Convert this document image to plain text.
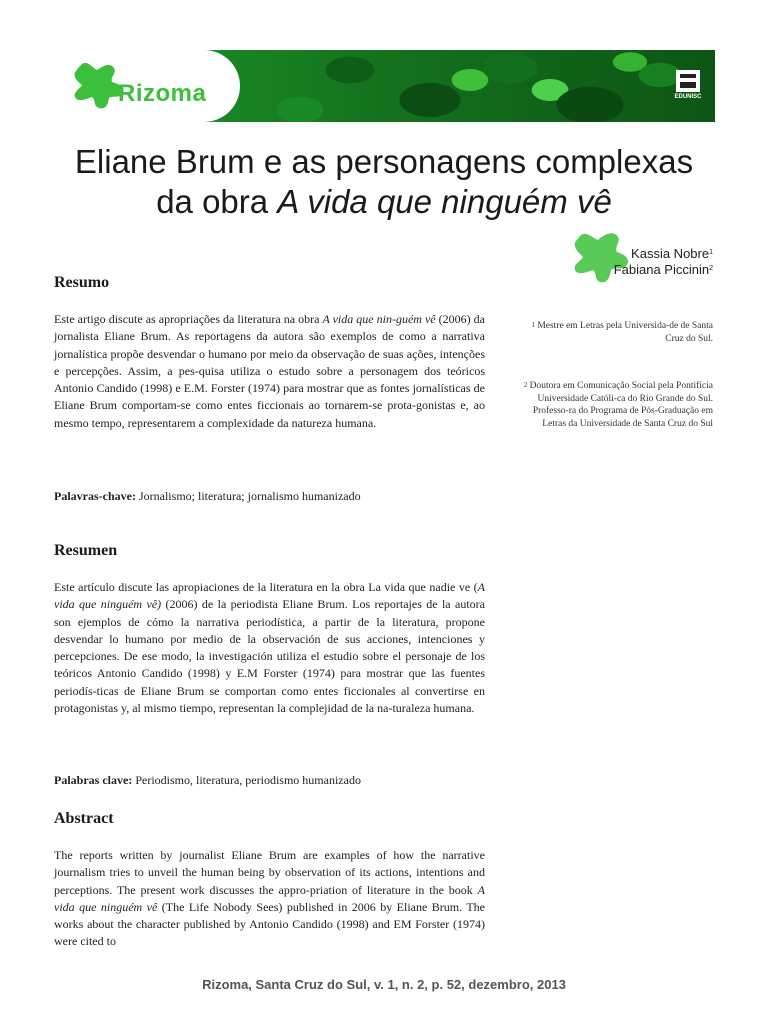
Rizoma	EDUNISC
Eliane Brum e as personagens complexas
da obra A vida que ninguém vê
Kassia Nobre$^1$
Fabiana Piccinin$^2$
$^1$ Mestre em Letras pela Universida-de de Santa Cruz do Sul.
$^2$ Doutora em Comunicação Social pela Pontifícia Universidade Católi-ca do Rio Grande do Sul. Professo-ra do Programa de Pós-Graduação em Letras da Universidade de Santa Cruz do Sul
Resumo

Este artigo discute as apropriações da literatura na obra A vida que nin-guém vê (2006) da jornalista Eliane Brum. As reportagens da autora são exemplos de como a narrativa jornalística propõe desvendar o humano por meio da observação de suas ações, intenções e percepções. Assim, a pes-quisa utiliza o estudo sobre a personagem dos teóricos Antonio Candido (1998) e E.M. Forster (1974) para mostrar que as fontes jornalísticas de Eliane Brum comportam-se como entes ficcionais ao tornarem-se prota-gonistas e, ao mesmo tempo, representarem a complexidade da natureza humana.

Palavras-chave: Jornalismo; literatura; jornalismo humanizado

Resumen

Este artículo discute las apropiaciones de la literatura en la obra La vida que nadie ve (A vida que ninguém vê) (2006) de la periodista Eliane Brum. Los reportajes de la autora son ejemplos de cómo la narrativa periodística, a partir de la literatura, propone desvendar lo humano por medio de la observación de sus acciones, intenciones y percepciones. De ese modo, la investigación utiliza el estudio sobre el personaje de los teóricos Antonio Candido (1998) y E.M Forster (1974) para mostrar que las fuentes periodís-ticas de Eliane Brum se comportan como entes ficcionales al convertirse en protagonistas y, al mismo tiempo, representan la complejidad de la na-turaleza humana.

Palabras clave: Periodismo, literatura, periodismo humanizado

Abstract

The reports written by journalist Eliane Brum are examples of how the narrative journalism tries to unveil the human being by observation of its actions, intentions and perceptions. The present work discusses the appro-priation of literature in the book A vida que ninguém vê (The Life Nobody Sees) published in 2006 by Eliane Brum. The works about the character published by Antonio Candido (1998) and EM Forster (1974) were cited to

Rizoma, Santa Cruz do Sul, v. 1, n. 2, p. 52, dezembro, 2013
